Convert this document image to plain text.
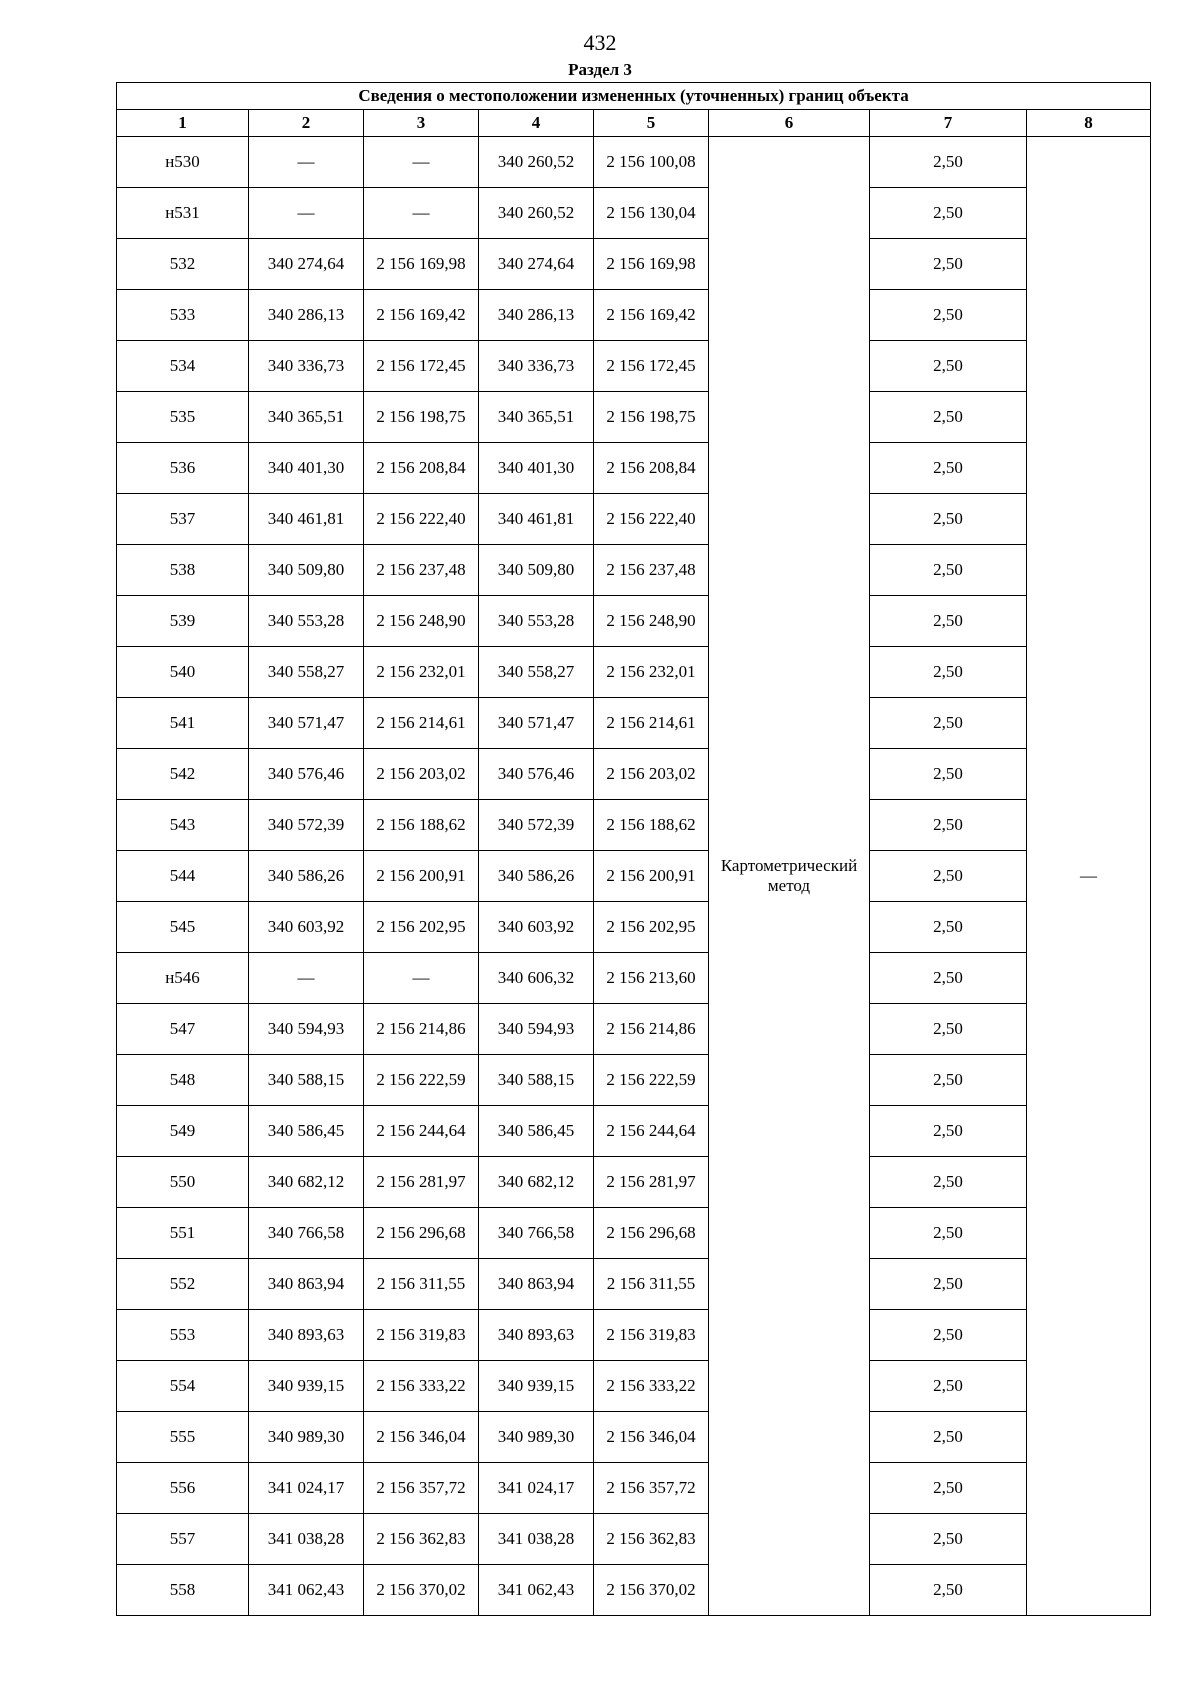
432
Раздел 3
Сведения о местоположении измененных (уточненных) границ объекта							
1	2	3	4	5	6	7	8
н530	—	—	340 260,52	2 156 100,08	Картометрический метод	2,50	—
н531	—	—	340 260,52	2 156 130,04		2,50	
532	340 274,64	2 156 169,98	340 274,64	2 156 169,98		2,50	
533	340 286,13	2 156 169,42	340 286,13	2 156 169,42		2,50	
534	340 336,73	2 156 172,45	340 336,73	2 156 172,45		2,50	
535	340 365,51	2 156 198,75	340 365,51	2 156 198,75		2,50	
536	340 401,30	2 156 208,84	340 401,30	2 156 208,84		2,50	
537	340 461,81	2 156 222,40	340 461,81	2 156 222,40		2,50	
538	340 509,80	2 156 237,48	340 509,80	2 156 237,48		2,50	
539	340 553,28	2 156 248,90	340 553,28	2 156 248,90		2,50	
540	340 558,27	2 156 232,01	340 558,27	2 156 232,01		2,50	
541	340 571,47	2 156 214,61	340 571,47	2 156 214,61		2,50	
542	340 576,46	2 156 203,02	340 576,46	2 156 203,02		2,50	
543	340 572,39	2 156 188,62	340 572,39	2 156 188,62		2,50	
544	340 586,26	2 156 200,91	340 586,26	2 156 200,91		2,50	
545	340 603,92	2 156 202,95	340 603,92	2 156 202,95		2,50	
н546	—	—	340 606,32	2 156 213,60		2,50	
547	340 594,93	2 156 214,86	340 594,93	2 156 214,86		2,50	
548	340 588,15	2 156 222,59	340 588,15	2 156 222,59		2,50	
549	340 586,45	2 156 244,64	340 586,45	2 156 244,64		2,50	
550	340 682,12	2 156 281,97	340 682,12	2 156 281,97		2,50	
551	340 766,58	2 156 296,68	340 766,58	2 156 296,68		2,50	
552	340 863,94	2 156 311,55	340 863,94	2 156 311,55		2,50	
553	340 893,63	2 156 319,83	340 893,63	2 156 319,83		2,50	
554	340 939,15	2 156 333,22	340 939,15	2 156 333,22		2,50	
555	340 989,30	2 156 346,04	340 989,30	2 156 346,04		2,50	
556	341 024,17	2 156 357,72	341 024,17	2 156 357,72		2,50	
557	341 038,28	2 156 362,83	341 038,28	2 156 362,83		2,50	
558	341 062,43	2 156 370,02	341 062,43	2 156 370,02		2,50	
